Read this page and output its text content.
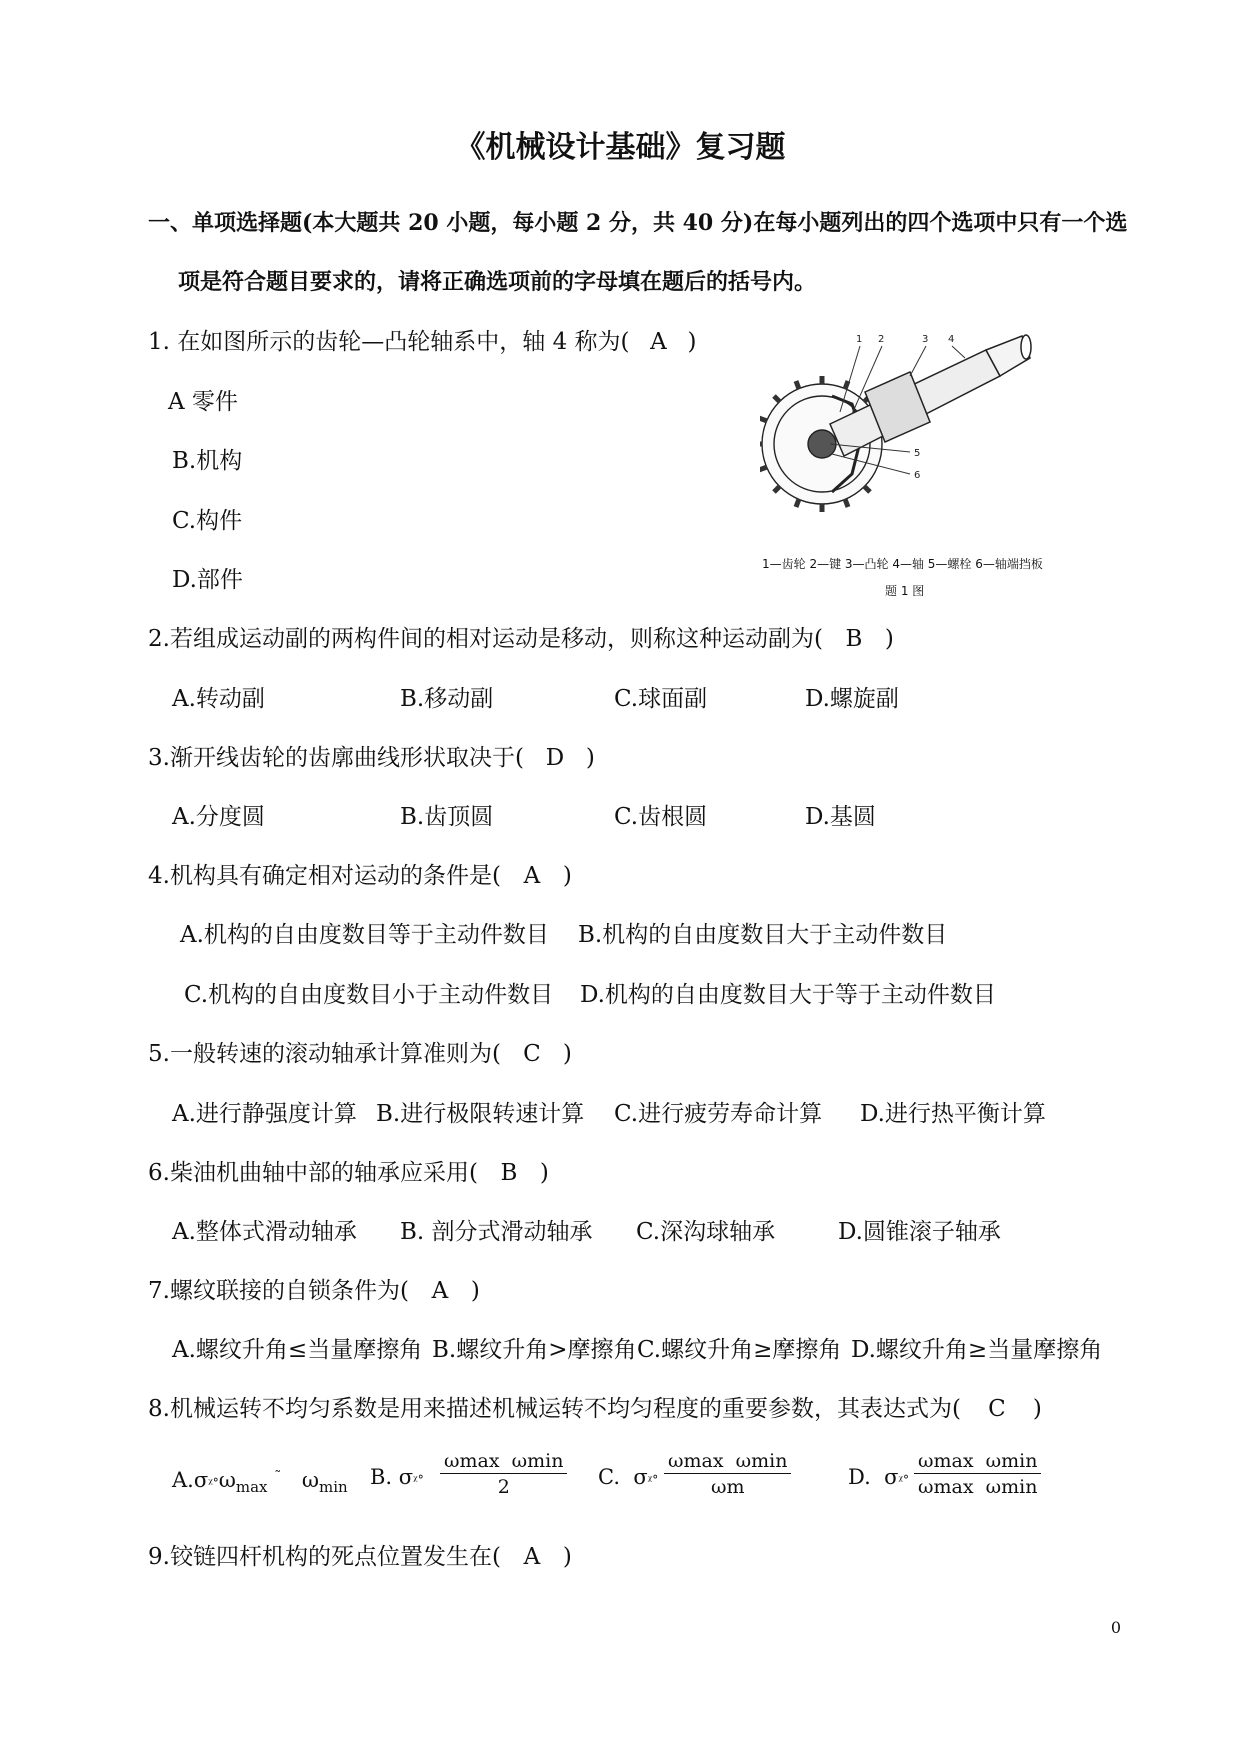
《机械设计基础》复习题
一、单项选择题(本大题共 20 小题，每小题 2 分，共 40 分)在每小题列出的四个选项中只有一个选
项是符合题目要求的，请将正确选项前的字母填在题后的括号内。
1. 在如图所示的齿轮—凸轮轴系中，轴 4 称为( A )
A 零件
B.机构
C.构件
D.部件
1 2	3 4
5
6
1—齿轮 2—键 3—凸轮 4—轴 5—螺栓 6—轴端挡板
题 1 图
2.若组成运动副的两构件间的相对运动是移动，则称这种运动副为( B )
A.转动副	B.移动副	C.球面副	D.螺旋副
3.渐开线齿轮的齿廓曲线形状取决于( D )
A.分度圆	B.齿顶圆	C.齿根圆	D.基圆
4.机构具有确定相对运动的条件是( A )
A.机构的自由度数目等于主动件数目 B.机构的自由度数目大于主动件数目
C.机构的自由度数目小于主动件数目 D.机构的自由度数目大于等于主动件数目
5.一般转速的滚动轴承计算准则为( C )
A.进行静强度计算 B.进行极限转速计算 C.进行疲劳寿命计算 D.进行热平衡计算
6.柴油机曲轴中部的轴承应采用( B )
A.整体式滑动轴承 B. 剖分式滑动轴承 C.深沟球轴承	D.圆锥滚子轴承
7.螺纹联接的自锁条件为( A )
A.螺纹升角≤当量摩擦角 B.螺纹升角>摩擦角 C.螺纹升角≥摩擦角 D.螺纹升角≥当量摩擦角
8.机械运转不均匀系数是用来描述机械运转不均匀程度的重要参数，其表达式为( C )
$A.\sigma ᵡ^\circ\omega_{max}$ ˜ $\omega_{min}$ B. σᵡ°
ωmax ωmin
2	C. σᵡ°
ωmax ωmin
ωm	D. σᵡ°
ωmax ωmin
ωmax ωmin
9.铰链四杆机构的死点位置发生在( A )
0
